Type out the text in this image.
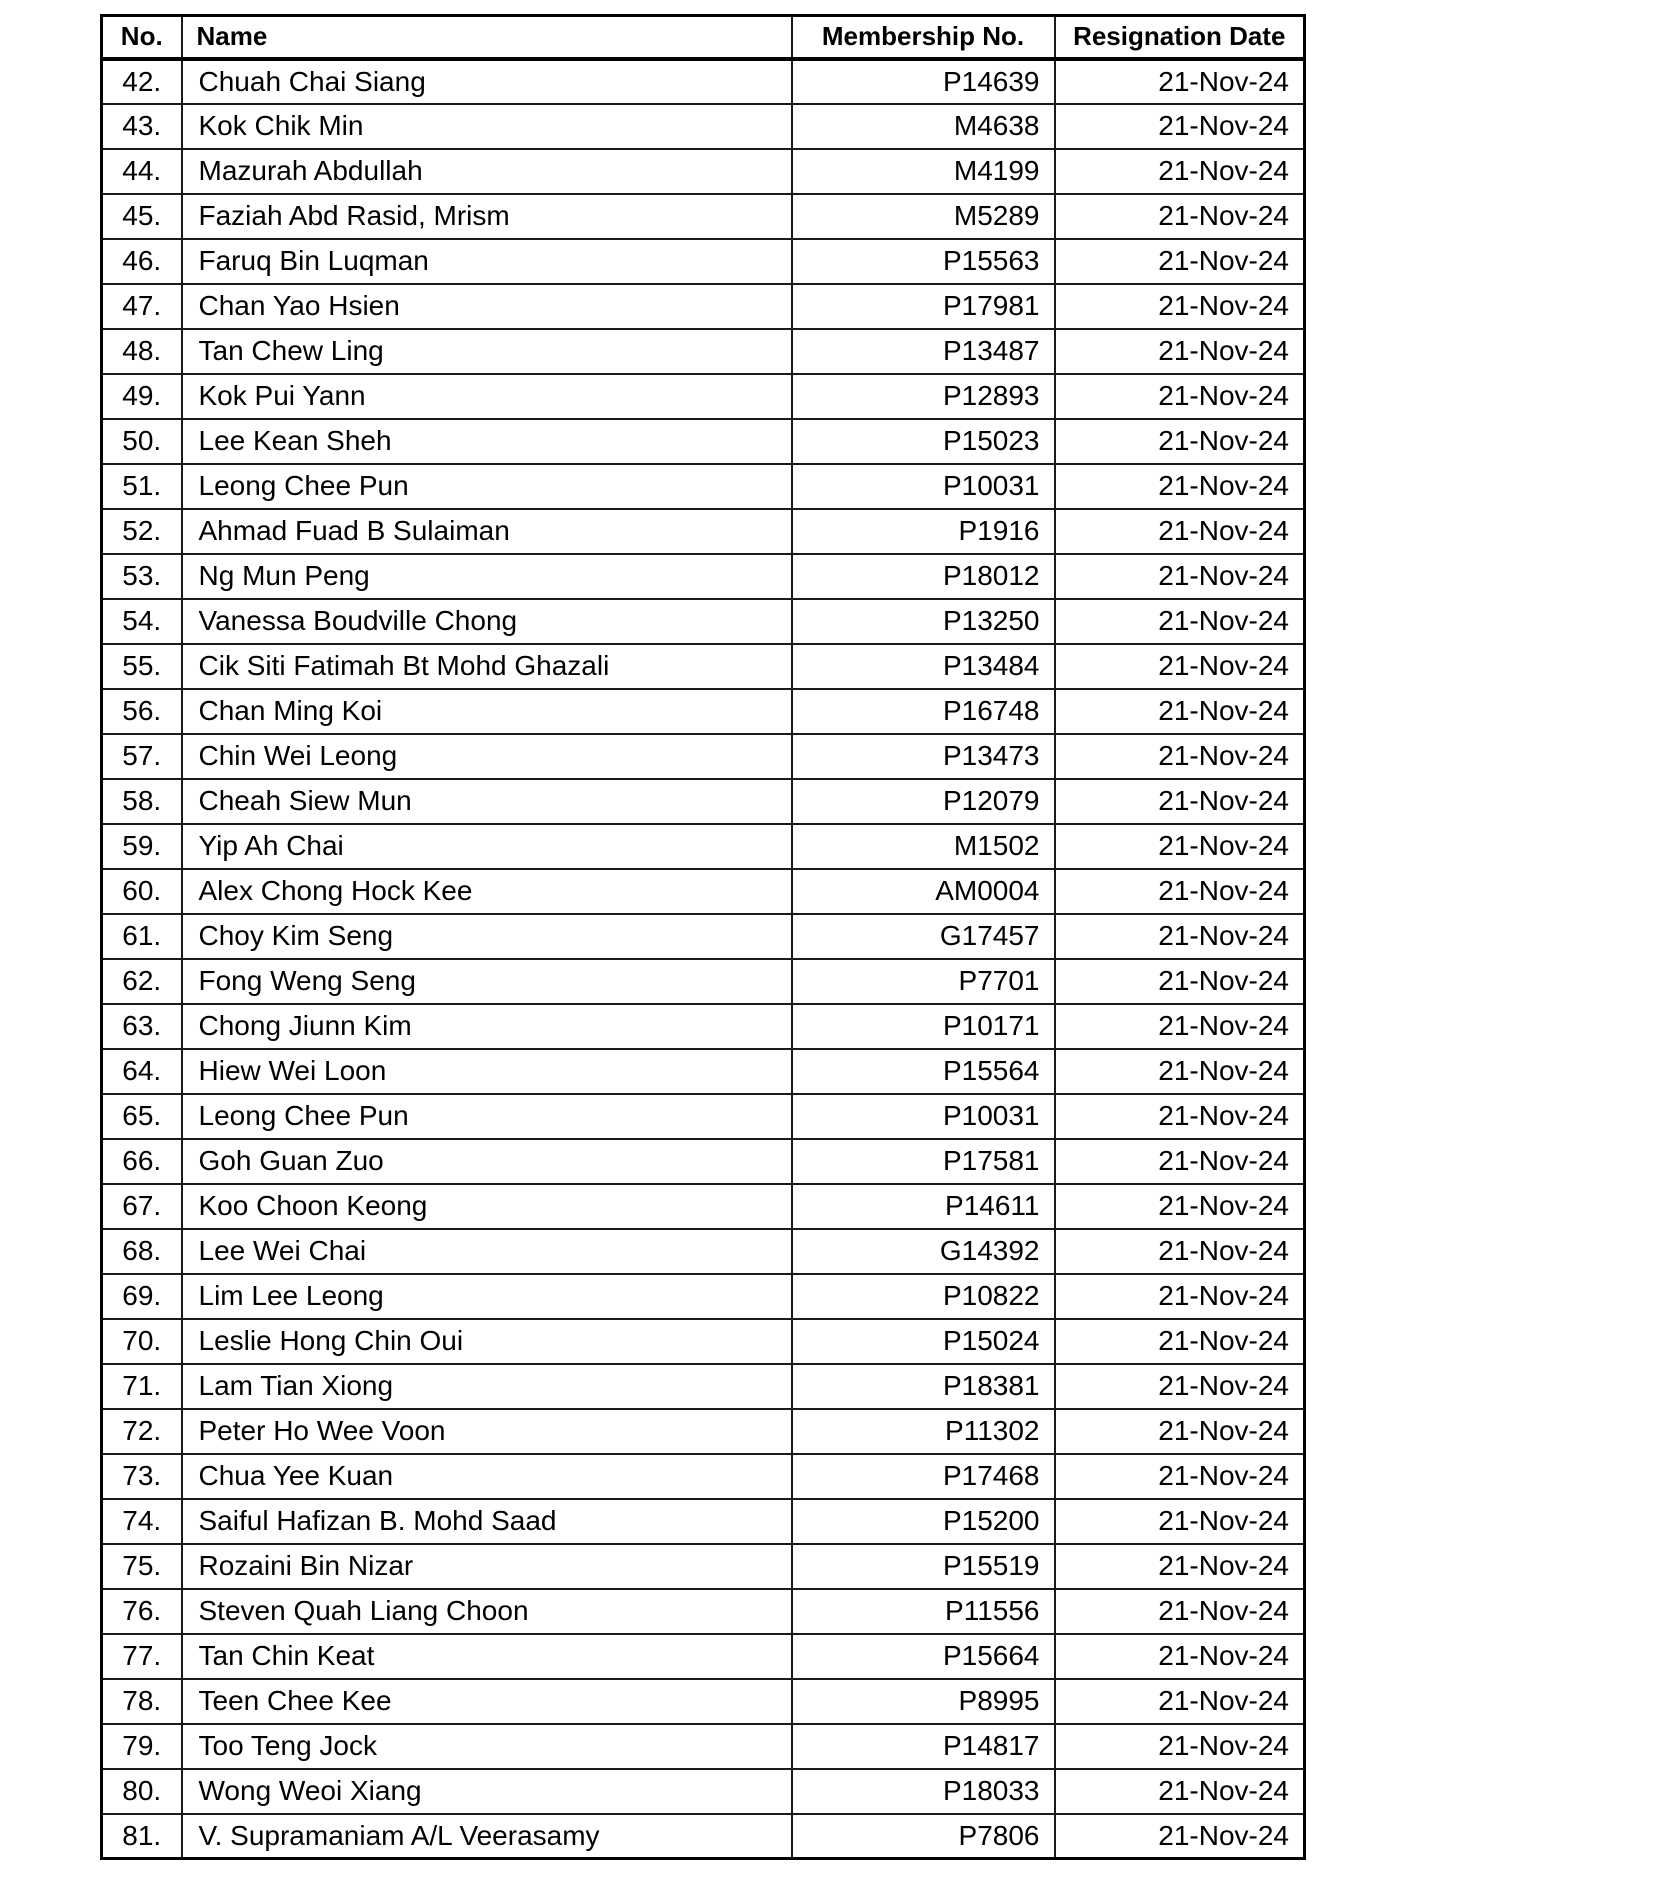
No.	Name	Membership No.	Resignation Date
42.	Chuah Chai Siang	P14639	21-Nov-24
43.	Kok Chik Min	M4638	21-Nov-24
44.	Mazurah Abdullah	M4199	21-Nov-24
45.	Faziah Abd Rasid, Mrism	M5289	21-Nov-24
46.	Faruq Bin Luqman	P15563	21-Nov-24
47.	Chan Yao Hsien	P17981	21-Nov-24
48.	Tan Chew Ling	P13487	21-Nov-24
49.	Kok Pui Yann	P12893	21-Nov-24
50.	Lee Kean Sheh	P15023	21-Nov-24
51.	Leong Chee Pun	P10031	21-Nov-24
52.	Ahmad Fuad B Sulaiman	P1916	21-Nov-24
53.	Ng Mun Peng	P18012	21-Nov-24
54.	Vanessa Boudville Chong	P13250	21-Nov-24
55.	Cik Siti Fatimah Bt Mohd Ghazali	P13484	21-Nov-24
56.	Chan Ming Koi	P16748	21-Nov-24
57.	Chin Wei Leong	P13473	21-Nov-24
58.	Cheah Siew Mun	P12079	21-Nov-24
59.	Yip Ah Chai	M1502	21-Nov-24
60.	Alex Chong Hock Kee	AM0004	21-Nov-24
61.	Choy Kim Seng	G17457	21-Nov-24
62.	Fong Weng Seng	P7701	21-Nov-24
63.	Chong Jiunn Kim	P10171	21-Nov-24
64.	Hiew Wei Loon	P15564	21-Nov-24
65.	Leong Chee Pun	P10031	21-Nov-24
66.	Goh Guan Zuo	P17581	21-Nov-24
67.	Koo Choon Keong	P14611	21-Nov-24
68.	Lee Wei Chai	G14392	21-Nov-24
69.	Lim Lee Leong	P10822	21-Nov-24
70.	Leslie Hong Chin Oui	P15024	21-Nov-24
71.	Lam Tian Xiong	P18381	21-Nov-24
72.	Peter Ho Wee Voon	P11302	21-Nov-24
73.	Chua Yee Kuan	P17468	21-Nov-24
74.	Saiful Hafizan B. Mohd Saad	P15200	21-Nov-24
75.	Rozaini Bin Nizar	P15519	21-Nov-24
76.	Steven Quah Liang Choon	P11556	21-Nov-24
77.	Tan Chin Keat	P15664	21-Nov-24
78.	Teen Chee Kee	P8995	21-Nov-24
79.	Too Teng Jock	P14817	21-Nov-24
80.	Wong Weoi Xiang	P18033	21-Nov-24
81.	V. Supramaniam A/L Veerasamy	P7806	21-Nov-24
